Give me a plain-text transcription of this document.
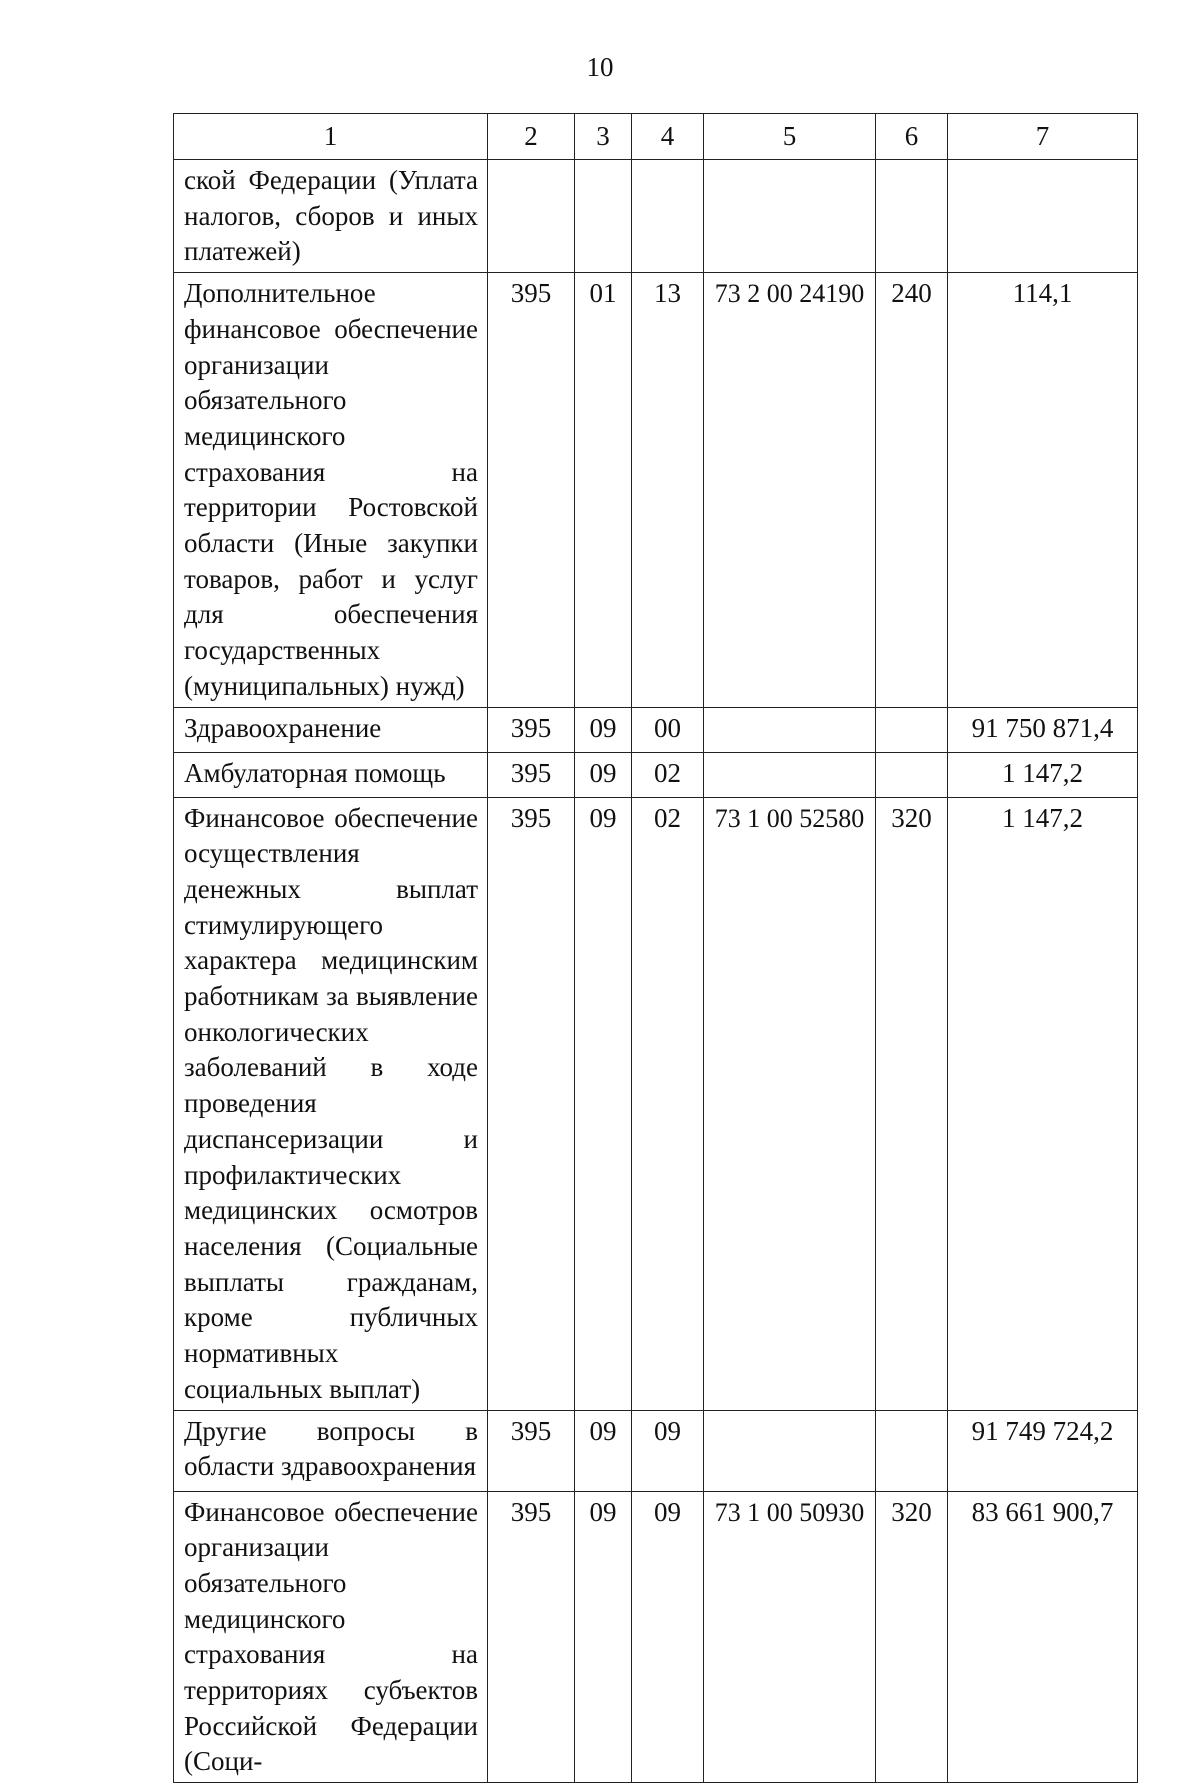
10
1	2	3	4	5	6	7
ской Федерации (Уплата налогов, сборов и иных платежей)						
Дополнительное финансовое обеспечение организации обязательного медицинского страхования на территории Ростовской области (Иные закупки товаров, работ и услуг для обеспечения государственных (муниципальных) нужд)	395	01	13	73 2 00 24190	240	114,1
Здравоохранение	395	09	00			91 750 871,4
Амбулаторная помощь	395	09	02			1 147,2
Финансовое обеспечение осуществления денежных выплат стимулирующего характера медицинским работникам за выявление онкологических заболеваний в ходе проведения диспансеризации и профилактических медицинских осмотров населения (Социальные выплаты гражданам, кроме публичных нормативных социальных выплат)	395	09	02	73 1 00 52580	320	1 147,2
Другие вопросы в области здравоохранения	395	09	09			91 749 724,2
Финансовое обеспечение организации обязательного медицинского страхования на территориях субъектов Российской Федерации (Соци-	395	09	09	73 1 00 50930	320	83 661 900,7
